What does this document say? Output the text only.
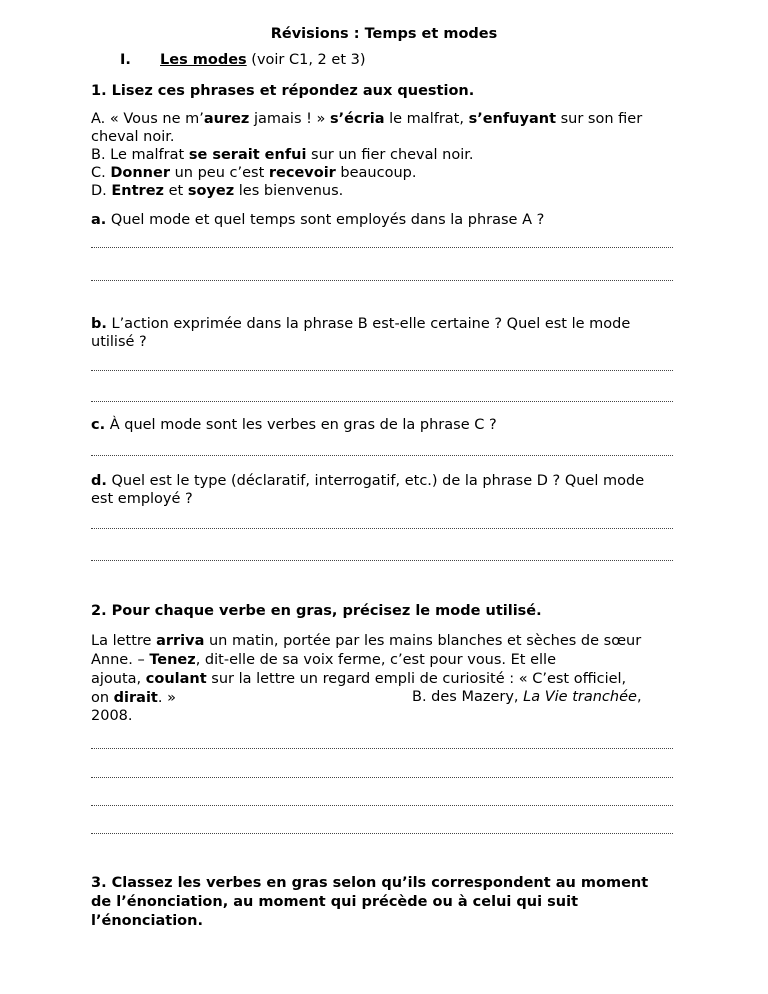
Révisions : Temps et modes
I. Les modes (voir C1, 2 et 3)
1. Lisez ces phrases et répondez aux question.
A. « Vous ne m’aurez jamais ! » s’écria le malfrat, s’enfuyant sur son fier
cheval noir.
B. Le malfrat se serait enfui sur un fier cheval noir.
C. Donner un peu c’est recevoir beaucoup.
D. Entrez et soyez les bienvenus.
a. Quel mode et quel temps sont employés dans la phrase A ?
b. L’action exprimée dans la phrase B est-elle certaine ? Quel est le mode
utilisé ?
c. À quel mode sont les verbes en gras de la phrase C ?
d. Quel est le type (déclaratif, interrogatif, etc.) de la phrase D ? Quel mode
est employé ?
2. Pour chaque verbe en gras, précisez le mode utilisé.
La lettre arriva un matin, portée par les mains blanches et sèches de sœur
Anne. – Tenez, dit-elle de sa voix ferme, c’est pour vous. Et elle
ajouta, coulant sur la lettre un regard empli de curiosité : « C’est officiel,
on dirait. »	B. des Mazery, La Vie tranchée,
2008.
3. Classez les verbes en gras selon qu’ils correspondent au moment
de l’énonciation, au moment qui précède ou à celui qui suit
l’énonciation.
